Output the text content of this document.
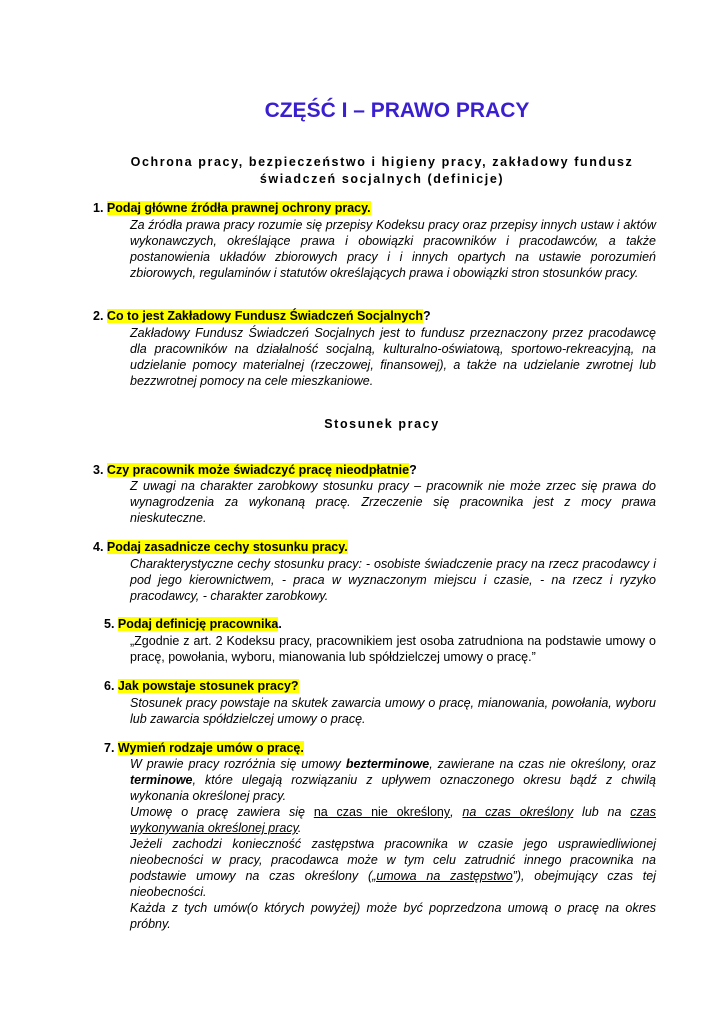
CZĘŚĆ I – PRAWO PRACY
Ochrona pracy, bezpieczeństwo i higieny pracy, zakładowy fundusz
świadczeń socjalnych (definicje)
1. Podaj główne źródła prawnej ochrony pracy.
Za źródła prawa pracy rozumie się przepisy Kodeksu pracy oraz przepisy innych ustaw i aktów wykonawczych, określające prawa i obowiązki pracowników i pracodawców, a także postanowienia układów zbiorowych pracy i i innych opartych na ustawie porozumień zbiorowych, regulaminów i statutów określających prawa i obowiązki stron stosunków pracy.
2. Co to jest Zakładowy Fundusz Świadczeń Socjalnych?
Zakładowy Fundusz Świadczeń Socjalnych jest to fundusz przeznaczony przez pracodawcę dla pracowników na działalność socjalną, kulturalno-oświatową, sportowo-rekreacyjną, na udzielanie pomocy materialnej (rzeczowej, finansowej), a także na udzielanie zwrotnej lub bezzwrotnej pomocy na cele mieszkaniowe.
Stosunek pracy
3. Czy pracownik może świadczyć pracę nieodpłatnie?
Z uwagi na charakter zarobkowy stosunku pracy – pracownik nie może zrzec się prawa do wynagrodzenia za wykonaną pracę. Zrzeczenie się pracownika jest z mocy prawa nieskuteczne.
4. Podaj zasadnicze cechy stosunku pracy.
Charakterystyczne cechy stosunku pracy: - osobiste świadczenie pracy na rzecz pracodawcy i pod jego kierownictwem, - praca w wyznaczonym miejscu i czasie, - na rzecz i ryzyko pracodawcy, - charakter zarobkowy.
5. Podaj definicję pracownika.
„Zgodnie z art. 2 Kodeksu pracy, pracownikiem jest osoba zatrudniona na podstawie umowy o pracę, powołania, wyboru, mianowania lub spółdzielczej umowy o pracę.”
6. Jak powstaje stosunek pracy?
Stosunek pracy powstaje na skutek zawarcia umowy o pracę, mianowania, powołania, wyboru lub zawarcia spółdzielczej umowy o pracę.
7. Wymień rodzaje umów o pracę.

W prawie pracy rozróżnia się umowy bezterminowe, zawierane na czas nie określony, oraz terminowe, które ulegają rozwiązaniu z upływem oznaczonego okresu bądź z chwilą wykonania określonej pracy.

Umowę o pracę zawiera się na czas nie określony, na czas określony lub na czas wykonywania określonej pracy.

Jeżeli zachodzi konieczność zastępstwa pracownika w czasie jego usprawiedliwionej nieobecności w pracy, pracodawca może w tym celu zatrudnić innego pracownika na podstawie umowy na czas określony („umowa na zastępstwo”), obejmujący czas tej nieobecności.

Każda z tych umów(o których powyżej) może być poprzedzona umową o pracę na okres próbny.
